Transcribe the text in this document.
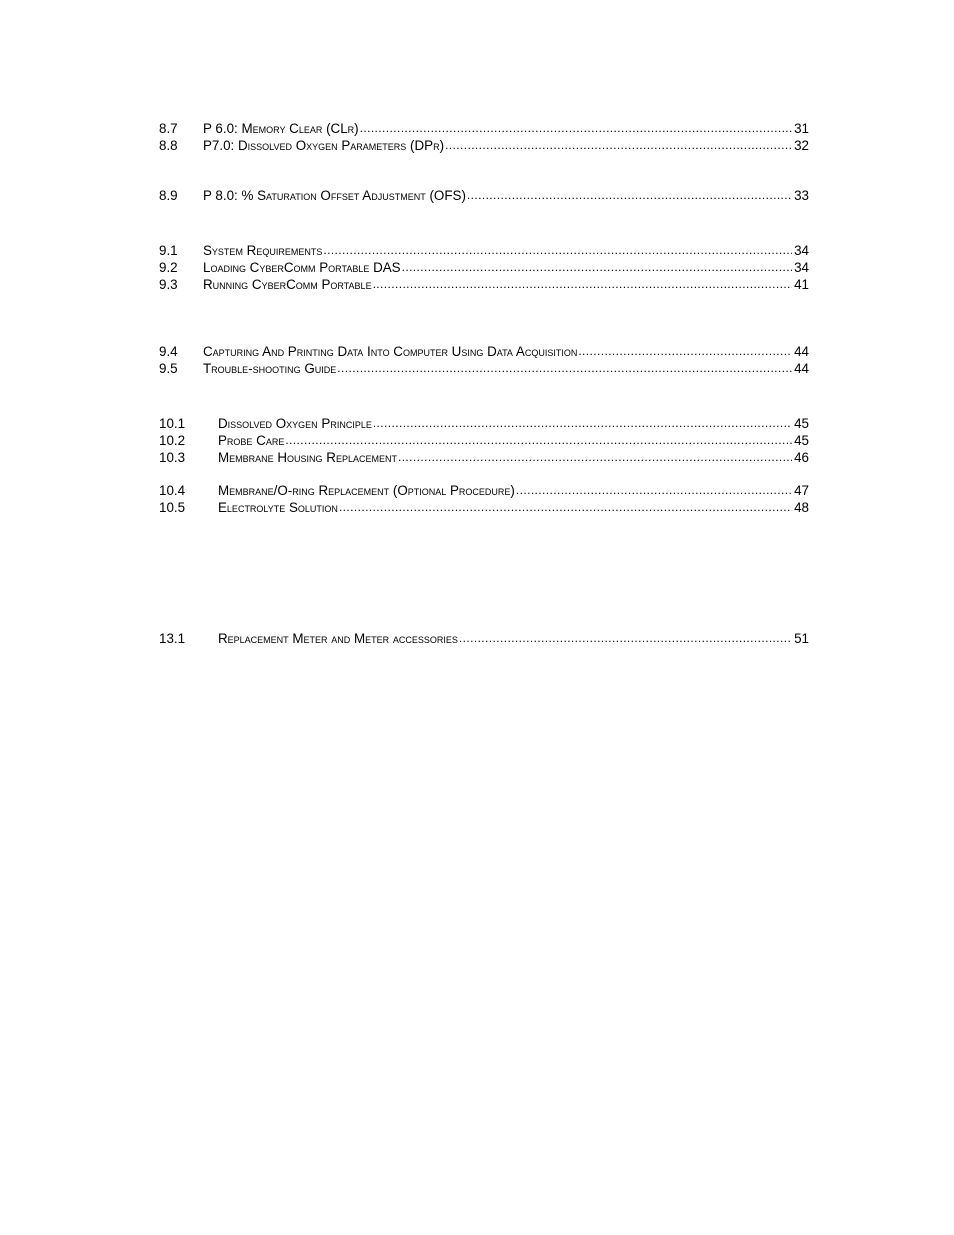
8.7	P 6.0: Memory Clear (CLr) .....	31
8.8	P7.0: Dissolved Oxygen Parameters (DPr) .....	32
8.9	P 8.0: % Saturation Offset Adjustment (OFS) .....	33
9.1	System Requirements .....	34
9.2	Loading CyberComm Portable DAS .....	34
9.3	Running CyberComm Portable .....	41
9.4	Capturing And Printing Data Into Computer Using Data Acquisition .....	44
9.5	Trouble-shooting Guide .....	44
10.1	Dissolved Oxygen Principle .....	45
10.2	Probe Care .....	45
10.3	Membrane Housing Replacement .....	46
10.4	Membrane/O-ring Replacement (Optional Procedure) .....	47
10.5	Electrolyte Solution .....	48
13.1	Replacement Meter and Meter accessories .....	51
